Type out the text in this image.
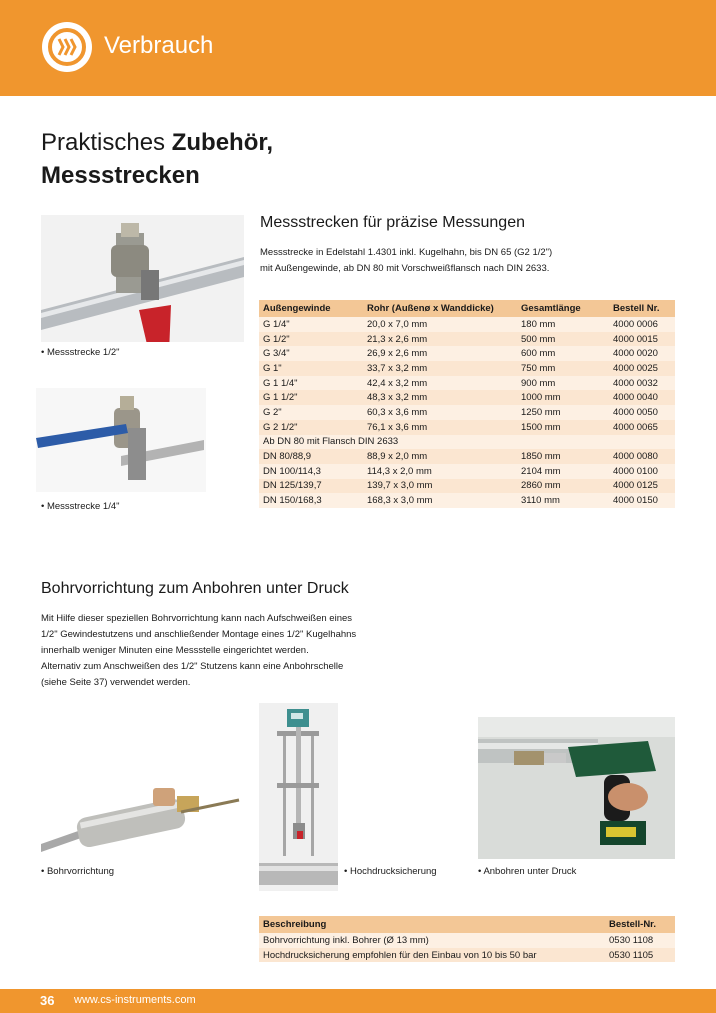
Verbrauch
Praktisches Zubehör,
Messstrecken
• Messstrecke 1/2"
• Messstrecke 1/4"
Messstrecken für präzise Messungen
Messstrecke in Edelstahl 1.4301 inkl. Kugelhahn, bis DN 65 (G2 1/2")
mit Außengewinde, ab DN 80 mit Vorschweißflansch nach DIN 2633.
Außengewinde	Rohr (Außenø x Wanddicke)	Gesamtlänge	Bestell Nr.
G 1/4"	20,0 x 7,0 mm	180 mm	4000 0006
G 1/2"	21,3 x 2,6 mm	500 mm	4000 0015
G 3/4"	26,9 x 2,6 mm	600 mm	4000 0020
G 1"	33,7 x 3,2 mm	750 mm	4000 0025
G 1 1/4"	42,4 x 3,2 mm	900 mm	4000 0032
G 1 1/2"	48,3 x 3,2 mm	1000 mm	4000 0040
G 2"	60,3 x 3,6 mm	1250 mm	4000 0050
G 2 1/2"	76,1 x 3,6 mm	1500 mm	4000 0065
Ab DN 80 mit Flansch DIN 2633			
DN 80/88,9	88,9 x 2,0 mm	1850 mm	4000 0080
DN 100/114,3	114,3 x 2,0 mm	2104 mm	4000 0100
DN 125/139,7	139,7 x 3,0 mm	2860 mm	4000 0125
DN 150/168,3	168,3 x 3,0 mm	3110 mm	4000 0150
Bohrvorrichtung zum Anbohren unter Druck
Mit Hilfe dieser speziellen Bohrvorrichtung kann nach Aufschweißen eines
1/2" Gewindestutzens und anschließender Montage eines 1/2" Kugelhahns
innerhalb weniger Minuten eine Messstelle eingerichtet werden.
Alternativ zum Anschweißen des 1/2" Stutzens kann eine Anbohrschelle
(siehe Seite 37) verwendet werden.
• Bohrvorrichtung	• Hochdrucksicherung	• Anbohren unter Druck
Beschreibung	Bestell-Nr.
Bohrvorrichtung inkl. Bohrer (Ø 13 mm)	0530 1108
Hochdrucksicherung empfohlen für den Einbau von 10 bis 50 bar	0530 1105
36 www.cs-instruments.com
